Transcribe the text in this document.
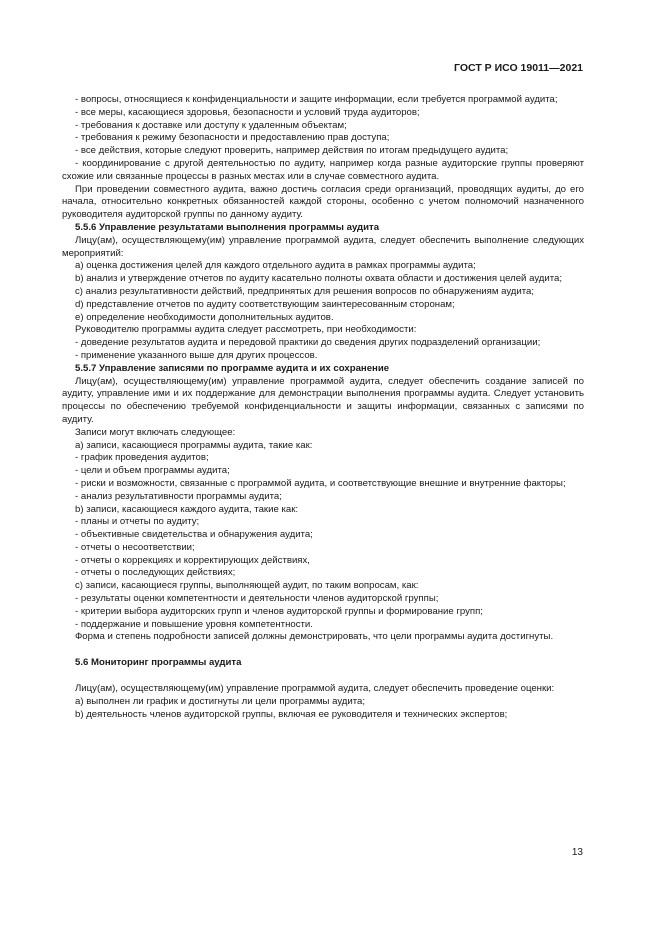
ГОСТ Р ИСО 19011—2021

- вопросы, относящиеся к конфиденциальности и защите информации, если требуется программой аудита;

- все меры, касающиеся здоровья, безопасности и условий труда аудиторов;

- требования к доставке или доступу к удаленным объектам;

- требования к режиму безопасности и предоставлению прав доступа;

- все действия, которые следуют проверить, например действия по итогам предыдущего аудита;

- координирование с другой деятельностью по аудиту, например когда разные аудиторские группы проверяют схожие или связанные процессы в разных местах или в случае совместного аудита.

При проведении совместного аудита, важно достичь согласия среди организаций, проводящих аудиты, до его начала, относительно конкретных обязанностей каждой стороны, особенно с учетом полномочий назначенного руководителя аудиторской группы по данному аудиту.

5.5.6 Управление результатами выполнения программы аудита

Лицу(ам), осуществляющему(им) управление программой аудита, следует обеспечить выполнение следующих мероприятий:

a) оценка достижения целей для каждого отдельного аудита в рамках программы аудита;

b) анализ и утверждение отчетов по аудиту касательно полноты охвата области и достижения целей аудита;

c) анализ результативности действий, предпринятых для решения вопросов по обнаружениям аудита;

d) представление отчетов по аудиту соответствующим заинтересованным сторонам;

e) определение необходимости дополнительных аудитов.

Руководителю программы аудита следует рассмотреть, при необходимости:

- доведение результатов аудита и передовой практики до сведения других подразделений организации;

- применение указанного выше для других процессов.

5.5.7 Управление записями по программе аудита и их сохранение

Лицу(ам), осуществляющему(им) управление программой аудита, следует обеспечить создание записей по аудиту, управление ими и их поддержание для демонстрации выполнения программы аудита. Следует установить процессы по обеспечению требуемой конфиденциальности и защиты информации, связанных с записями по аудиту.

Записи могут включать следующее:

a) записи, касающиеся программы аудита, такие как:

- график проведения аудитов;

- цели и объем программы аудита;

- риски и возможности, связанные с программой аудита, и соответствующие внешние и внутренние факторы;

- анализ результативности программы аудита;

b) записи, касающиеся каждого аудита, такие как:

- планы и отчеты по аудиту;

- объективные свидетельства и обнаружения аудита;

- отчеты о несоответствии;

- отчеты о коррекциях и корректирующих действиях,

- отчеты о последующих действиях;

c) записи, касающиеся группы, выполняющей аудит, по таким вопросам, как:

- результаты оценки компетентности и деятельности членов аудиторской группы;

- критерии выбора аудиторских групп и членов аудиторской группы и формирование групп;

- поддержание и повышение уровня компетентности.

Форма и степень подробности записей должны демонстрировать, что цели программы аудита достигнуты.

5.6 Мониторинг программы аудита

Лицу(ам), осуществляющему(им) управление программой аудита, следует обеспечить проведение оценки:

a) выполнен ли график и достигнуты ли цели программы аудита;

b) деятельность членов аудиторской группы, включая ее руководителя и технических экспертов;

13
